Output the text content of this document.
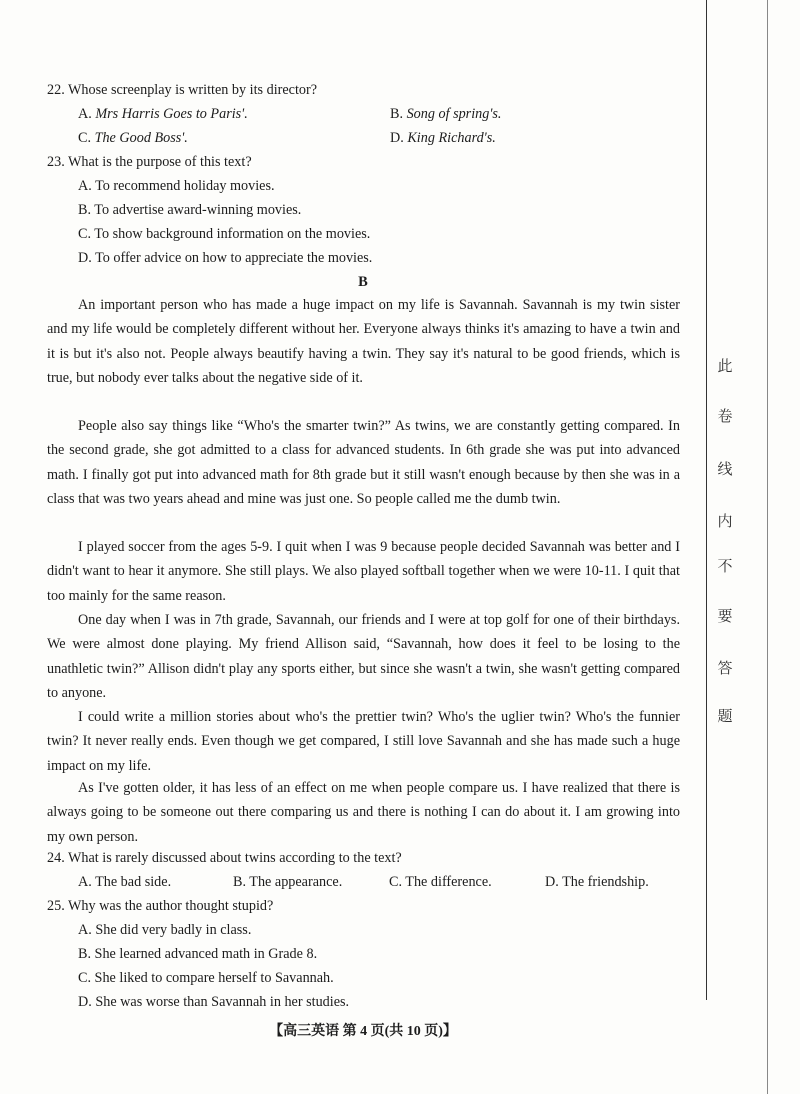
22. Whose screenplay is written by its director?
A. Mrs Harris Goes to Paris'.	B. Song of spring's.
C. The Good Boss'.	D. King Richard's.
23. What is the purpose of this text?
A. To recommend holiday movies.
B. To advertise award-winning movies.
C. To show background information on the movies.
D. To offer advice on how to appreciate the movies.
B
An important person who has made a huge impact on my life is Savannah. Savannah is my twin sister and my life would be completely different without her. Everyone always thinks it's amazing to have a twin and it is but it's also not. People always beautify having a twin. They say it's natural to be good friends, which is true, but nobody ever talks about the negative side of it.
People also say things like “Who's the smarter twin?” As twins, we are constantly getting compared. In the second grade, she got admitted to a class for advanced students. In 6th grade she was put into advanced math. I finally got put into advanced math for 8th grade but it still wasn't enough because by then she was in a class that was two years ahead and mine was just one. So people called me the dumb twin.
I played soccer from the ages 5-9. I quit when I was 9 because people decided Savannah was better and I didn't want to hear it anymore. She still plays. We also played softball together when we were 10-11. I quit that too mainly for the same reason.
One day when I was in 7th grade, Savannah, our friends and I were at top golf for one of their birthdays. We were almost done playing. My friend Allison said, “Savannah, how does it feel to be losing to the unathletic twin?” Allison didn't play any sports either, but since she wasn't a twin, she wasn't getting compared to anyone.
I could write a million stories about who's the prettier twin? Who's the uglier twin? Who's the funnier twin? It never really ends. Even though we get compared, I still love Savannah and she has made such a huge impact on my life.
As I've gotten older, it has less of an effect on me when people compare us. I have realized that there is always going to be someone out there comparing us and there is nothing I can do about it. I am growing into my own person.
24. What is rarely discussed about twins according to the text?
A. The bad side.	B. The appearance.	C. The difference.	D. The friendship.
25. Why was the author thought stupid?
A. She did very badly in class.
B. She learned advanced math in Grade 8.
C. She liked to compare herself to Savannah.
D. She was worse than Savannah in her studies.
【高三英语 第 4 页(共 10 页)】
此
卷
线
内
不
要
答
题
